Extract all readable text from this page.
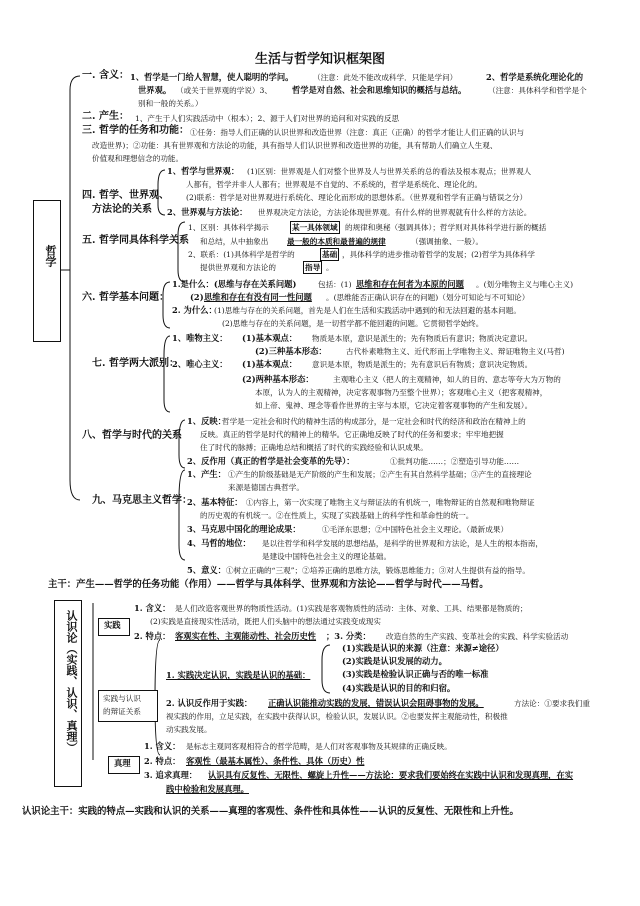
生活与哲学知识框架图
哲学
一. 含义： 1、哲学是一门给人智慧，使人聪明的学问。	（注意：此处不能改成科学．只能是学问）	2、哲学是系统化理论化的
世界观。 （或关于世界观的学说）3、 哲学是对自然、社会和思维知识的概括与总结。	（注意：具体科学和哲学是个
别和一般的关系。）
二. 产生： 1、产生于人们实践活动中（根本）；2、源于人们对世界的追问和对实践的反思
三. 哲学的任务和功能： ①任务：指导人们正确的认识世界和改造世界（注意：真正（正确）的哲学才能让人们正确的认识与
改造世界)；②功能：具有世界观和方法论的功能，具有指导人们认识世界和改造世界的功能，具有帮助人们确立人生观、
价值观和理想信念的功能。
四. 哲学、世界观、
方法论的关系
1、哲学与世界观： (1)区别：世界观是人们对整个世界及人与世界关系的总的看法及根本观点；世界观人
人都有，哲学并非人人都有；世界观是不自觉的、不系统的，哲学是系统化、理论化的。
(2)联系：哲学是对世界观进行系统化、理论化而形成的思想体系。（世界观和哲学有正确与错误之分）
2、世界观与方法论： 世界观决定方法论，方法论体现世界观。有什么样的世界观就有什么样的方法论。
五. 哲学同具体科学关系
1、区别：具体科学揭示	某一具体领域 的规律和奥秘（强调具体）；哲学则对具体科学进行新的概括
和总结，从中抽象出 最一般的本质和最普遍的规律	（强调抽象、一般）。
2、联系：(1)具体科学是哲学的	基础 ，具体科学的进步推动着哲学的发展；(2)哲学为具体科学
提供世界观和方法论的	指导 。
六. 哲学基本问题：
1.是什么：(思维与存在关系问题)	包括：(1) 思维和存在何者为本原的问题 。(划分唯物主义与唯心主义)
(2) 思维和存在有没有同一性问题 。(思维能否正确认识存在的问题)（划分可知论与不可知论）
2. 为什么：
(1)思维与存在的关系问题，首先是人们在生活和实践活动中遇到的和无法回避的基本问题。
(2)思维与存在的关系问题，是一切哲学都不能回避的问题。它贯彻哲学始终。
七. 哲学两大派别：
1、唯物主义： (1)基本观点： 物质是本原，意识是派生的；先有物质后有意识；物质决定意识。
(2)三种基本形态：	古代朴素唯物主义、近代形而上学唯物主义、辩证唯物主义(马哲)
2、唯心主义： (1)基本观点： 意识是本原，物质是派生的；先有意识后有物质；意识决定物质。
(2)两种基本形态：	主观唯心主义（把人的主观精神，如人的目的、意志等夸大为万物的
本原，认为人的主观精神，决定客观事物乃至整个世界）；客观唯心主义（把客观精神，
如上帝、鬼神、理念等看作世界的主宰与本原，它决定着客观事物的产生和发展）。
八、哲学与时代的关系
1、反映：
哲学是一定社会和时代的精神生活的构成部分，是一定社会和时代的经济和政治在精神上的
反映。真正的哲学是时代的精神上的精华。它正确地反映了时代的任务和要求；牢牢地把握
住了时代的脉搏；正确地总结和概括了时代的实践经验和认识成果。
2、反作用（真正的哲学是社会变革的先导）：	①批判功能……；②塑造引导功能……
九、马克思主义哲学：
1、产生： ①产生的阶级基础是无产阶级的产生和发展；②产生有其自然科学基础；③产生的直接理论
来源是德国古典哲学。
2、基本特征： ①内容上，第一次实现了唯物主义与辩证法的有机统一，唯物辩证的自然观和唯物辩证
的历史观的有机统一。②在性质上，实现了实践基础上的科学性和革命性的统一。
3、马克思中国化的理论成果：	①毛泽东思想；②中国特色社会主义理论。（最新成果）
4、马哲的地位： 是以往哲学和科学发展的思想结晶，是科学的世界观和方法论，是人生的根本指南，
是建设中国特色社会主义的理论基础。
5、意义： ①树立正确的“三观”；②培养正确的思维方法，锻炼思维能力；③对人生提供有益的指导。
主干：产生——哲学的任务功能（作用）——哲学与具体科学、世界观和方法论——哲学与时代——马哲。
认识论（实践、认识、真理）	实践
1. 含义： 是人们改造客观世界的物质性活动。(1)实践是客观物质性的活动：主体、对象、工具、结果都是物质的；
(2)实践是直接现实性活动，既把人们头脑中的想法通过实践变成现实
2. 特点： 客观实在性、主观能动性、社会历史性 ；3. 分类： 改造自然的生产实践、变革社会的实践、科学实验活动
实践与认识
的辩证关系
1. 实践决定认识，实践是认识的基础：
(1)实践是认识的来源（注意：来源≠途径）
(2)实践是认识发展的动力。
(3)实践是检验认识正确与否的唯一标准
(4)实践是认识的目的和归宿。
2. 认识反作用于实践： 正确认识能推动实践的发展，错误认识会阻碍事物的发展。	方法论：①要求我们重
视实践的作用，立足实践，在实践中获得认识，检验认识，发展认识。②也要发挥主观能动性，积极推
动实践发展。
真理
1. 含义： 是标志主观同客观相符合的哲学范畴，是人们对客观事物及其规律的正确反映。
2. 特点： 客观性（最基本属性）、条件性、具体（历史）性
3. 追求真理： 认识具有反复性、无限性、螺旋上升性——方法论：要求我们要始终在实践中认识和发现真理，在实
践中检验和发展真理。
认识论主干：实践的特点—实践和认识的关系——真理的客观性、条件性和具体性——认识的反复性、无限性和上升性。
